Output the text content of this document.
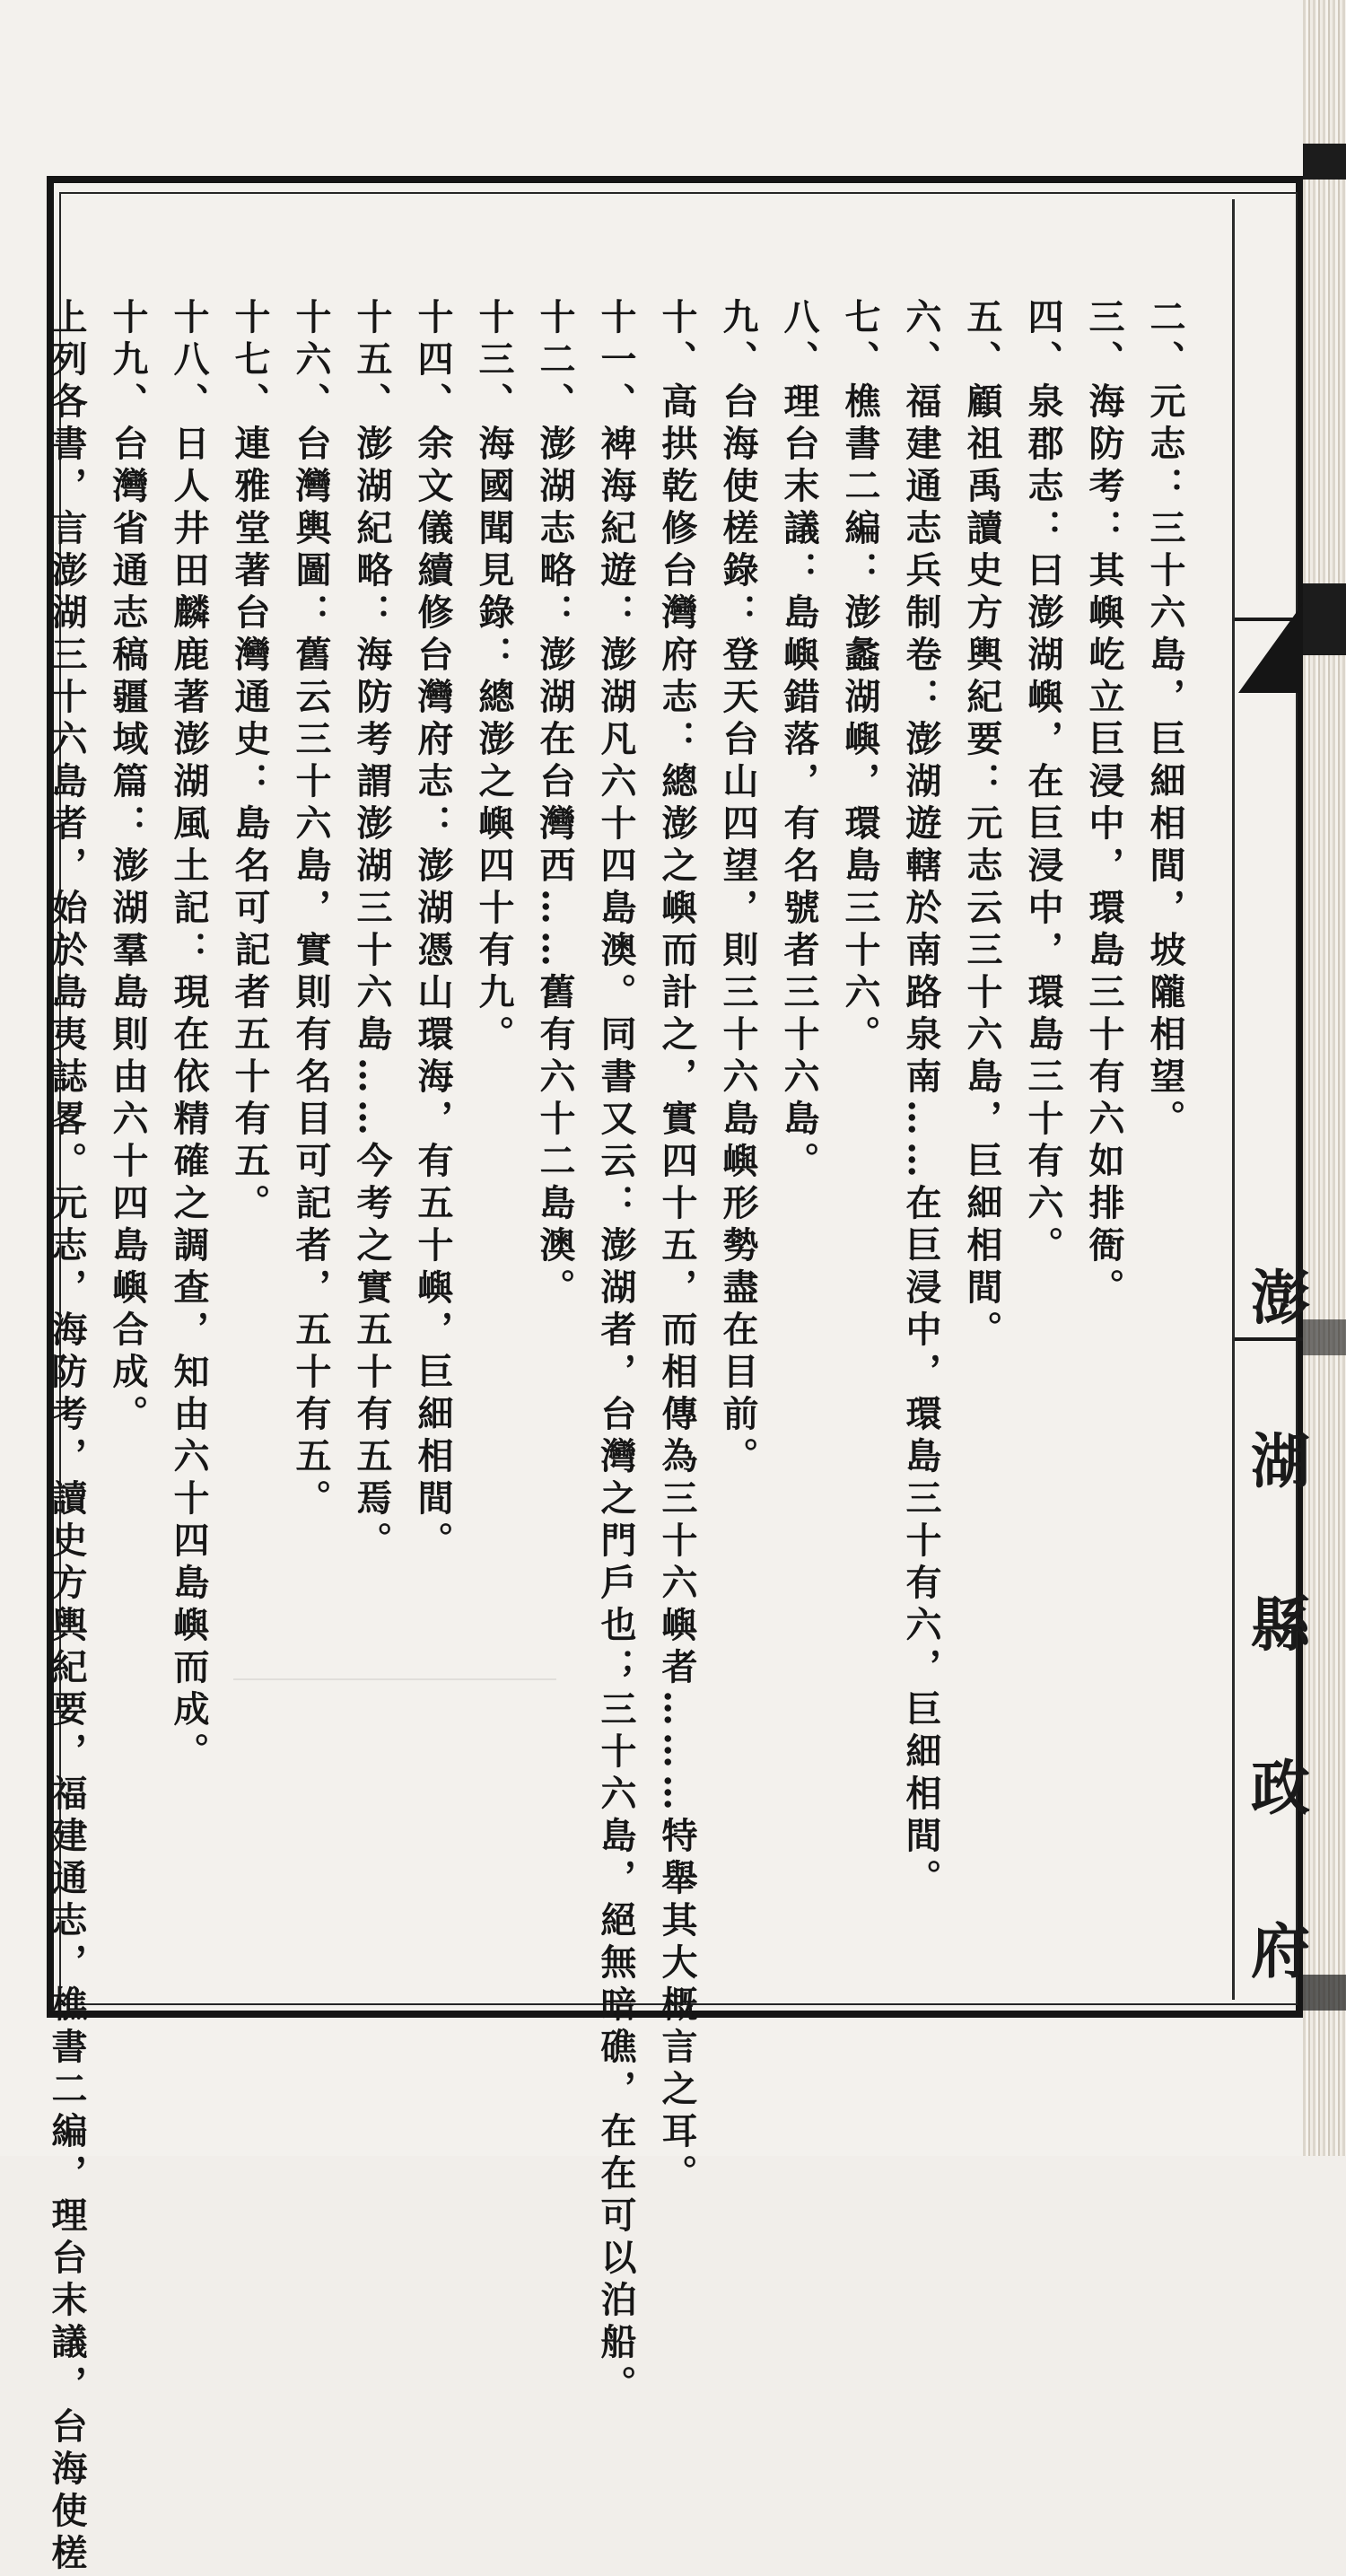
二、元志：三十六島，巨細相間，坡隴相望。

三、海防考：其嶼屹立巨浸中，環島三十有六如排衙。

四、泉郡志：曰澎湖嶼，在巨浸中，環島三十有六。

五、顧祖禹讀史方輿紀要：元志云三十六島，巨細相間。

六、福建通志兵制卷：澎湖遊轄於南路泉南……在巨浸中，環島三十有六，巨細相間。

七、樵書二編：澎蠡湖嶼，環島三十六。

八、理台末議：島嶼錯落，有名號者三十六島。

九、台海使槎錄：登天台山四望，則三十六島嶼形勢盡在目前。

十、高拱乾修台灣府志：總澎之嶼而計之，實四十五，而相傳為三十六嶼者………特舉其大概言之耳。

十一、裨海紀遊：澎湖凡六十四島澳。同書又云：澎湖者，台灣之門戶也；三十六島，絕無暗礁，在在可以泊船。

十二、澎湖志略：澎湖在台灣西……舊有六十二島澳。

十三、海國聞見錄：總澎之嶼四十有九。

十四、余文儀續修台灣府志：澎湖憑山環海，有五十嶼，巨細相間。

十五、澎湖紀略：海防考謂澎湖三十六島……今考之實五十有五焉。

十六、台灣輿圖：舊云三十六島，實則有名目可記者，五十有五。

十七、連雅堂著台灣通史：島名可記者五十有五。

十八、日人井田麟鹿著澎湖風土記：現在依精確之調查，知由六十四島嶼而成。

十九、台灣省通志稿疆域篇：澎湖羣島則由六十四島嶼合成。

上列各書，言澎湖三十六島者，始於島夷誌畧。元志，海防考，讀史方輿紀要，福建通志，樵書二編，理台末議，台海使槎	澎
湖
縣
政
府
